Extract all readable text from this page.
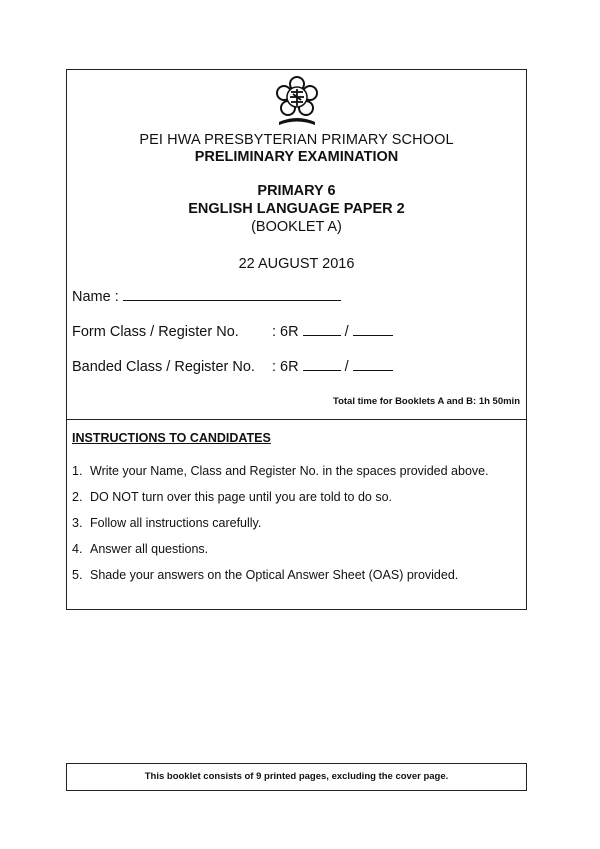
PEI HWA PRESBYTERIAN PRIMARY SCHOOL
PRELIMINARY EXAMINATION
PRIMARY 6
ENGLISH LANGUAGE PAPER 2
(BOOKLET A)
22 AUGUST 2016
Name :
Form Class / Register No. : 6R	/
Banded Class / Register No. : 6R	/
Total time for Booklets A and B: 1h 50min
INSTRUCTIONS TO CANDIDATES
1. Write your Name, Class and Register No. in the spaces provided above.
2. DO NOT turn over this page until you are told to do so.
3. Follow all instructions carefully.
4. Answer all questions.
5. Shade your answers on the Optical Answer Sheet (OAS) provided.
This booklet consists of 9 printed pages, excluding the cover page.
